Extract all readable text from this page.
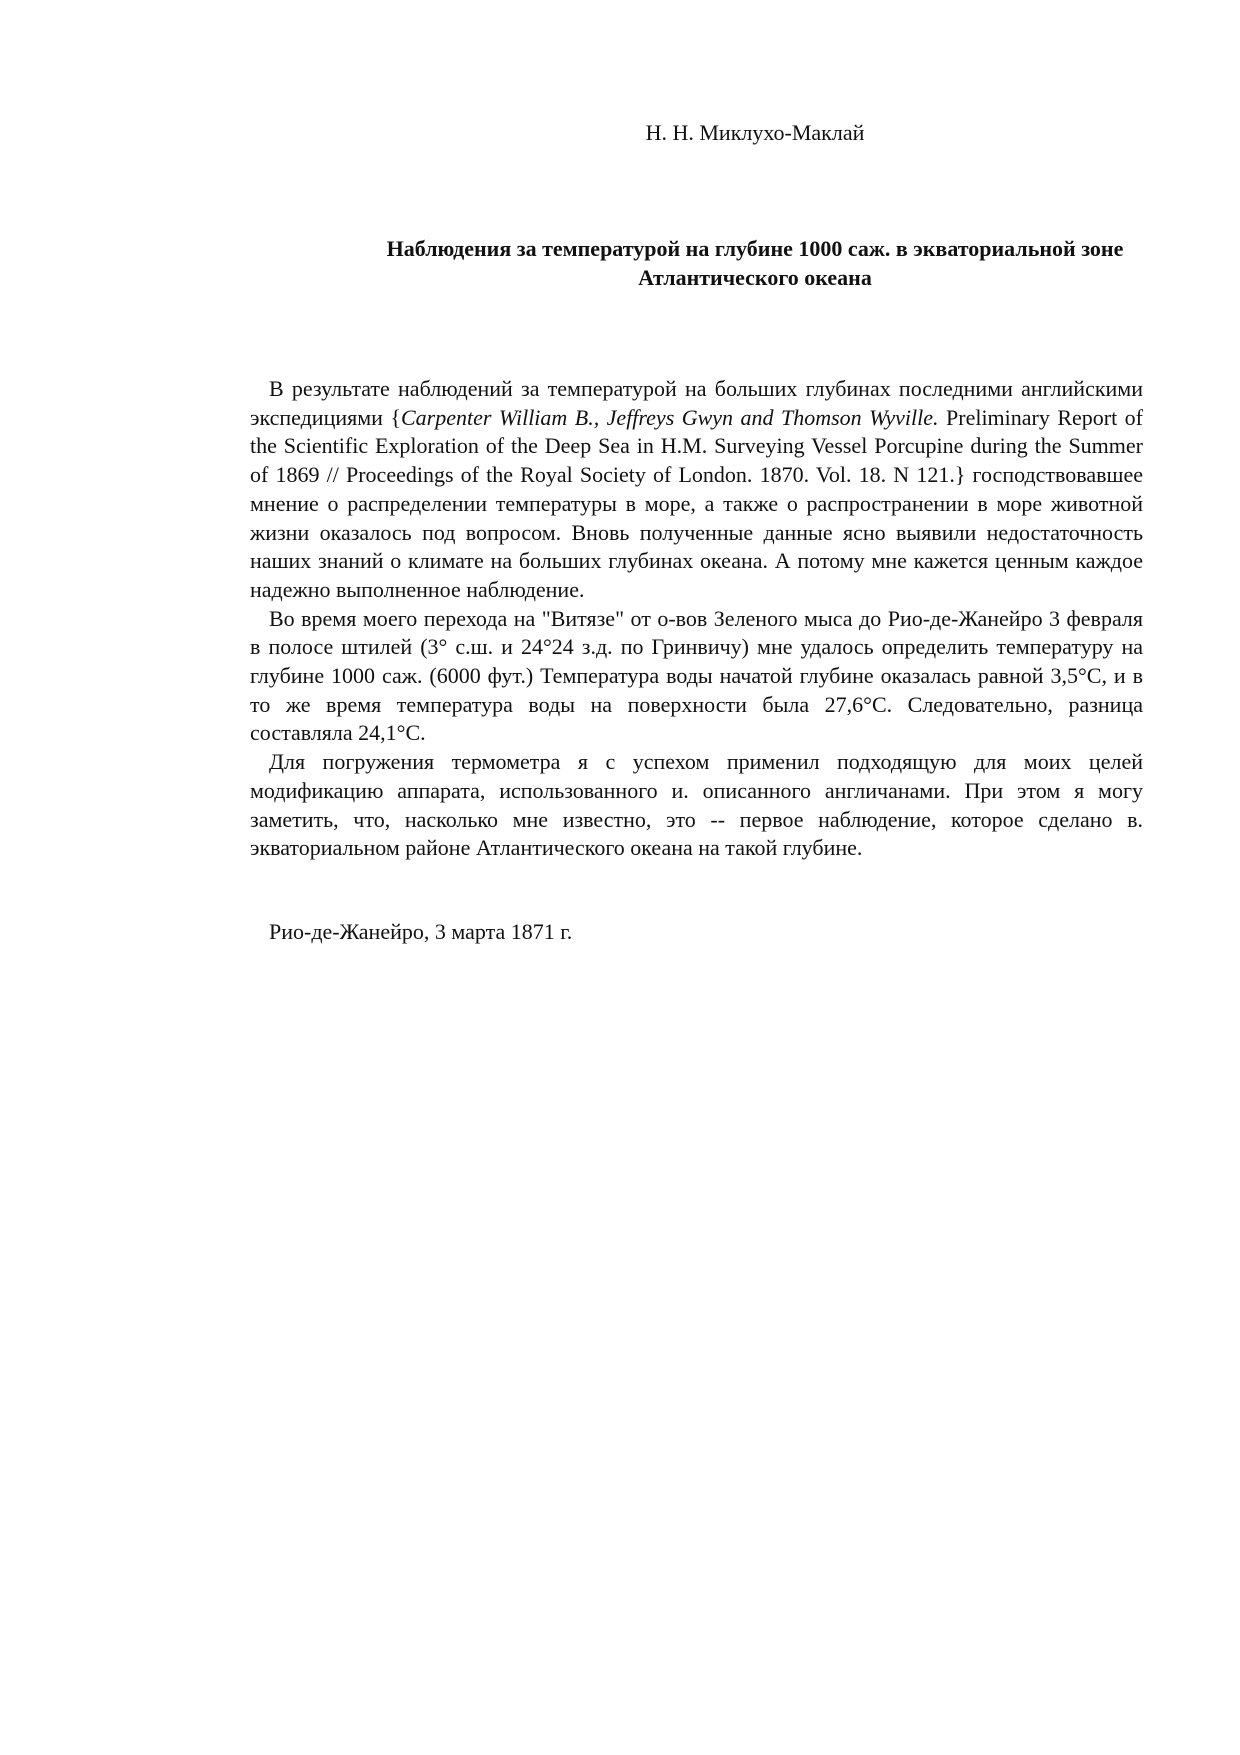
Н. Н. Миклухо-Маклай
Наблюдения за температурой на глубине 1000 саж. в экваториальной зоне
Атлантического океана

В результате наблюдений за температурой на больших глубинах последними английскими экспедициями {Carpenter William B., Jeffreys Gwyn and Thomson Wyville. Preliminary Report of the Scientific Exploration of the Deep Sea in H.M. Surveying Vessel Porcupine during the Summer of 1869 // Proceedings of the Royal Society of London. 1870. Vol. 18. N 121.} господствовавшее мнение о распределении температуры в море, а также о распространении в море животной жизни оказалось под вопросом. Вновь полученные данные ясно выявили недостаточность наших знаний о климате на больших глубинах океана. А потому мне кажется ценным каждое надежно выполненное наблюдение.

Во время моего перехода на "Витязе" от о-вов Зеленого мыса до Рио-де-Жанейро 3 февраля в полосе штилей (3° с.ш. и 24°24 з.д. по Гринвичу) мне удалось определить температуру на глубине 1000 саж. (6000 фут.) Температура воды начатой глубине оказалась равной 3,5°С, и в то же время температура воды на поверхности была 27,6°С. Следовательно, разница составляла 24,1°С.

Для погружения термометра я с успехом применил подходящую для моих целей модификацию аппарата, использованного и. описанного англичанами. При этом я могу заметить, что, насколько мне известно, это -- первое наблюдение, которое сделано в. экваториальном районе Атлантического океана на такой глубине.

Рио-де-Жанейро, 3 марта 1871 г.
